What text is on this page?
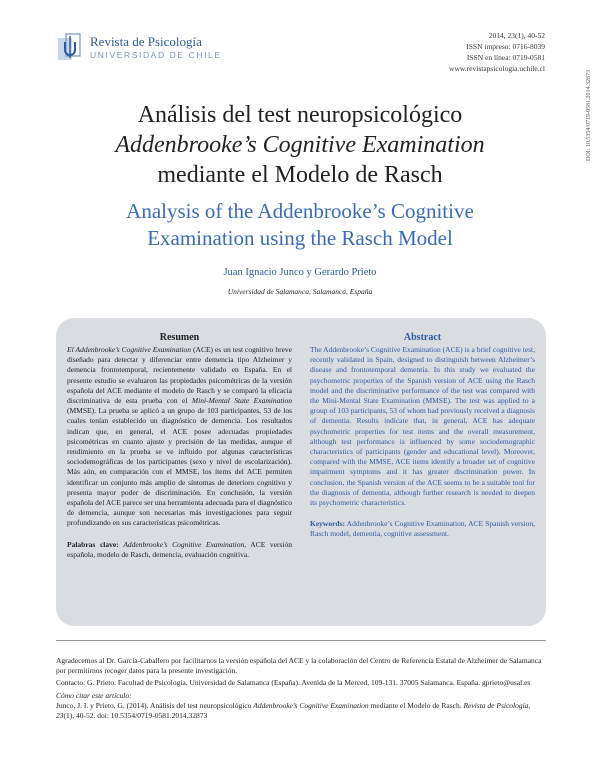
Revista de Psicología
UNIVERSIDAD DE CHILE
2014, 23(1), 40-52
ISSN impreso: 0716-8039
ISSN en línea: 0719-0581
www.revistapsicologia.uchile.cl
DOI: 10.5354/0719-0581.2014.32873
Análisis del test neuropsicológico
Addenbrooke’s Cognitive Examination
mediante el Modelo de Rasch
Analysis of the Addenbrooke’s Cognitive
Examination using the Rasch Model
Juan Ignacio Junco y Gerardo Prieto
Universidad de Salamanca, Salamanca, España
Resumen

El Addenbrooke’s Cognitive Examination (ACE) es un test cognitivo breve diseñado para detectar y diferenciar entre demencia tipo Alzheimer y demencia frontotemporal, recientemente validado en España. En el presente estudio se evaluaron las propiedades psicométricas de la versión española del ACE mediante el modelo de Rasch y se comparó la eficacia discriminativa de esta prueba con el Mini-Mental State Examination (MMSE). La prueba se aplicó a un grupo de 103 participantes, 53 de los cuales tenían establecido un diagnóstico de demencia. Los resultados indican que, en general, el ACE posee adecuadas propiedades psicométricas en cuanto ajuste y precisión de las medidas, aunque el rendimiento en la prueba se ve influido por algunas características sociodemográficas de los participantes (sexo y nivel de escolarización). Más aún, en comparación con el MMSE, los ítems del ACE permiten identificar un conjunto más amplio de síntomas de deterioro cognitivo y presenta mayor poder de discriminación. En conclusión, la versión española del ACE parece ser una herramienta adecuada para el diagnóstico de demencia, aunque son necesarias más investigaciones para seguir profundizando en sus características psicométricas.

Palabras clave: Addenbrooke’s Cognitive Examination, ACE versión española, modelo de Rasch, demencia, evaluación cognitiva.

Abstract

The Addenbrooke’s Cognitive Examination (ACE) is a brief cognitive test, recently validated in Spain, designed to distinguish between Alzheimer’s disease and frontotemporal dementia. In this study we evaluated the psychometric properties of the Spanish version of ACE using the Rasch model and the discriminative performance of the test was compared with the Mini-Mental State Examination (MMSE). The test was applied to a group of 103 participants, 53 of whom had previously received a diagnosis of dementia. Results indicate that, in general, ACE has adequate psychometric properties for test items and the overall measurement, although test performance is influenced by some sociodemographic characteristics of participants (gender and educational level). Moreover, compared with the MMSE, ACE items identify a broader set of cognitive impairment symptoms and it has greater discrimination power. In conclusion, the Spanish version of the ACE seems to be a suitable tool for the diagnosis of dementia, although further research is needed to deepen its psychometric characteristics.

Keywords: Addenbrooke’s Cognitive Examination, ACE Spanish version, Rasch model, dementia, cognitive assessment.

Agradecemos al Dr. García-Caballero por facilitarnos la versión española del ACE y la colaboración del Centro de Referencia Estatal de Alzheimer de Salamanca por permitirnos recoger datos para la presente investigación.

Contacto: G. Prieto. Facultad de Psicología. Universidad de Salamanca (España). Avenida de la Merced, 109-131. 37005 Salamanca. España. gprieto@usal.es

Cómo citar este artículo:

Junco, J. I. y Prieto, G. (2014). Análisis del test neuropsicológico Addenbrooke’s Cognitive Examination mediante el Modelo de Rasch. Revista de Psicología, 23(1), 40-52. doi: 10.5354/0719-0581.2014.32873
